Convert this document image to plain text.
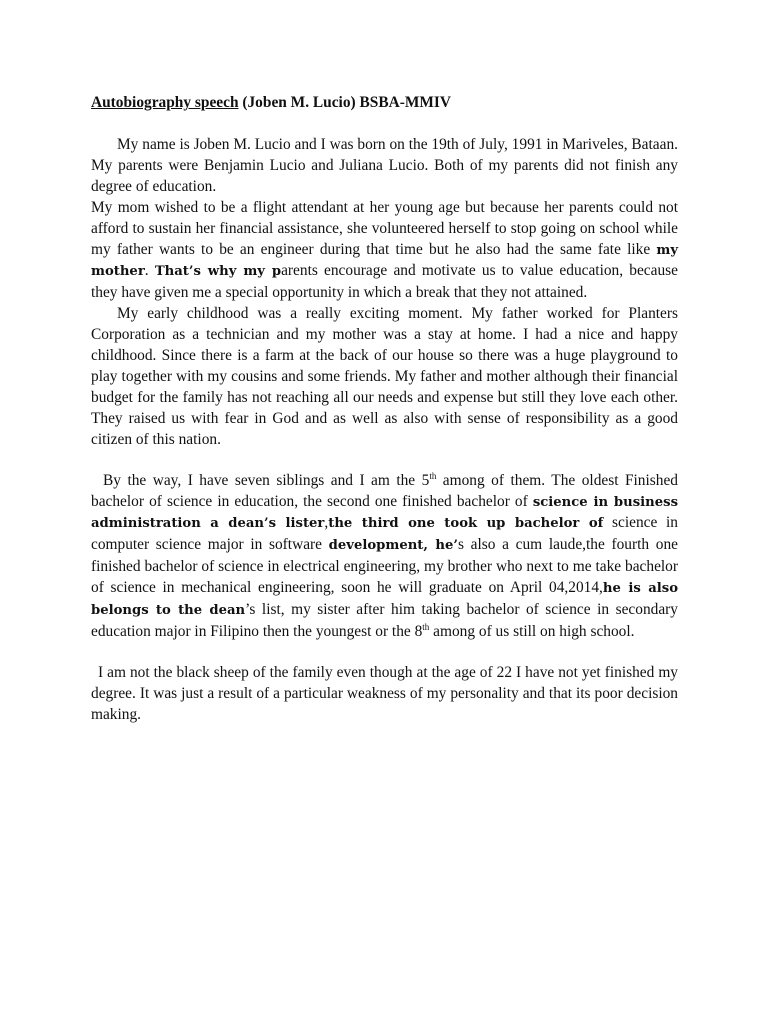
Autobiography speech (Joben M. Lucio) BSBA-MMIV

My name is Joben M. Lucio and I was born on the 19th of July, 1991 in Mariveles, Bataan. My parents were Benjamin Lucio and Juliana Lucio. Both of my parents did not finish any degree of education.

My mom wished to be a flight attendant at her young age but because her parents could not afford to sustain her financial assistance, she volunteered herself to stop going on school while my father wants to be an engineer during that time but he also had the same fate like my mother. That’s why my parents encourage and motivate us to value education, because they have given me a special opportunity in which a break that they not attained.

My early childhood was a really exciting moment. My father worked for Planters Corporation as a technician and my mother was a stay at home. I had a nice and happy childhood. Since there is a farm at the back of our house so there was a huge playground to play together with my cousins and some friends. My father and mother although their financial budget for the family has not reaching all our needs and expense but still they love each other. They raised us with fear in God and as well as also with sense of responsibility as a good citizen of this nation.

By the way, I have seven siblings and I am the 5th among of them. The oldest Finished bachelor of science in education, the second one finished bachelor of science in business administration a dean’s lister,the third one took up bachelor of science in computer science major in software development, he’s also a cum laude,the fourth one finished bachelor of science in electrical engineering, my brother who next to me take bachelor of science in mechanical engineering, soon he will graduate on April 04,2014,he is also belongs to the dean’s list, my sister after him taking bachelor of science in secondary education major in Filipino then the youngest or the 8th among of us still on high school.

I am not the black sheep of the family even though at the age of 22 I have not yet finished my degree. It was just a result of a particular weakness of my personality and that its poor decision making.
